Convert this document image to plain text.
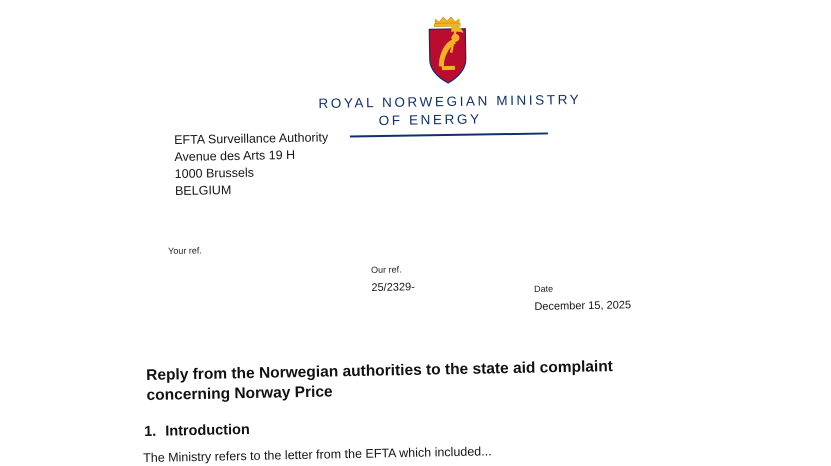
ROYAL NORWEGIAN MINISTRY
OF ENERGY
EFTA Surveillance Authority
Avenue des Arts 19 H
1000 Brussels
BELGIUM
Your ref.
Our ref.
25/2329-	Date
December 15, 2025
Reply from the Norwegian authorities to the state aid complaint concerning Norway Price
1. Introduction
The Ministry refers to the letter from the EFTA which included...
